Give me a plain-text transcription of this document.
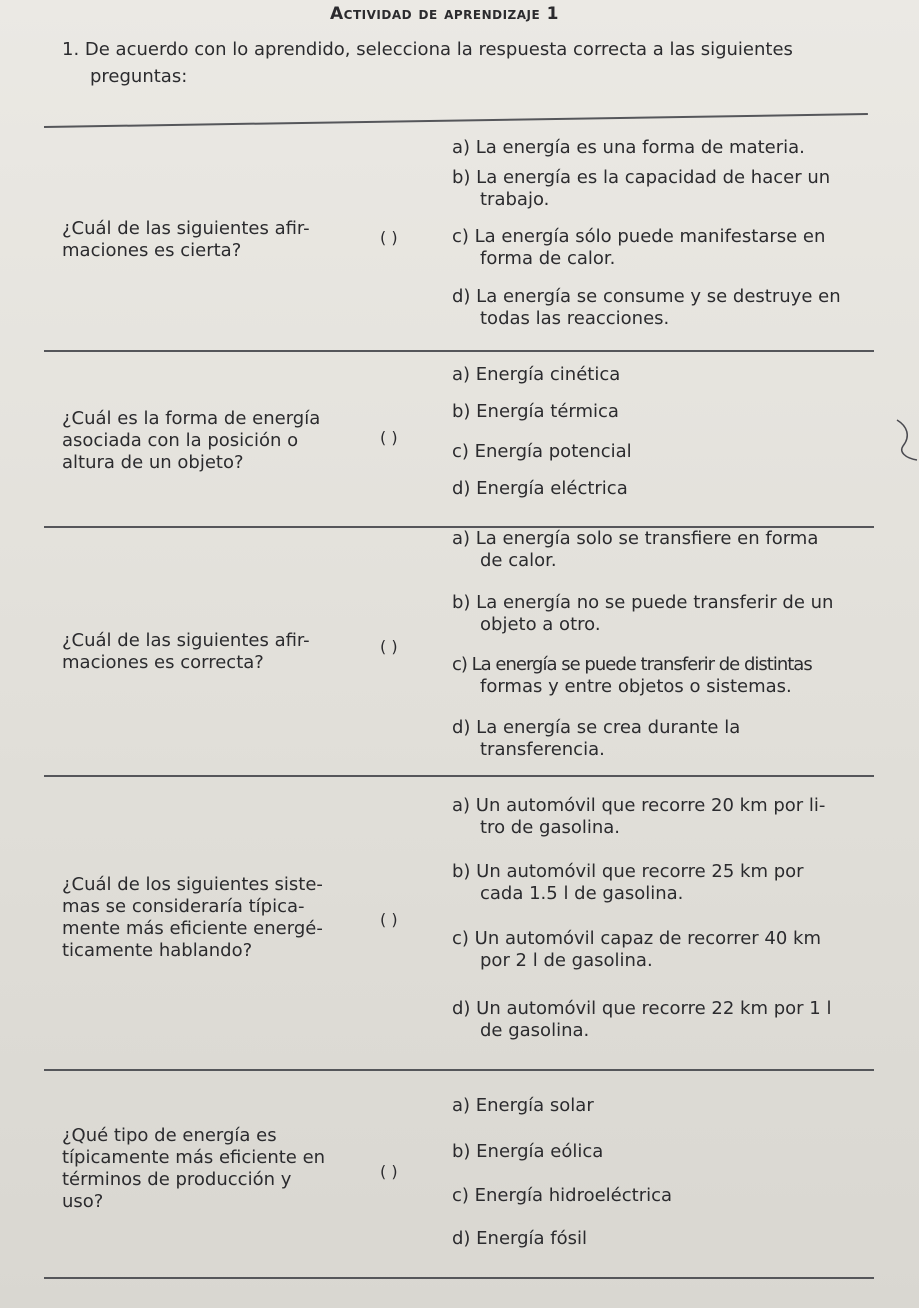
Actividad de aprendizaje 1
1. De acuerdo con lo aprendido, selecciona la respuesta correcta a las siguientes
preguntas:
¿Cuál de las siguientes afir- maciones es cierta?
( )
a) La energía es una forma de materia.
b) La energía es la capacidad de hacer un
trabajo.
c) La energía sólo puede manifestarse en
forma de calor.
d) La energía se consume y se destruye en
todas las reacciones.
¿Cuál es la forma de energía asociada con la posición o altura de un objeto?
( )
a) Energía cinética
b) Energía térmica
c) Energía potencial
d) Energía eléctrica
¿Cuál de las siguientes afir- maciones es correcta?
( )
a) La energía solo se transfiere en forma
de calor.
b) La energía no se puede transferir de un
objeto a otro.
c) La energía se puede transferir de distintas
formas y entre objetos o sistemas.
d) La energía se crea durante la
transferencia.
¿Cuál de los siguientes siste- mas se consideraría típica- mente más eficiente energé- ticamente hablando?
( )
a) Un automóvil que recorre 20 km por li-
tro de gasolina.
b) Un automóvil que recorre 25 km por
cada 1.5 l de gasolina.
c) Un automóvil capaz de recorrer 40 km
por 2 l de gasolina.
d) Un automóvil que recorre 22 km por 1 l
de gasolina.
¿Qué tipo de energía es típicamente más eficiente en términos de producción y uso?
( )
a) Energía solar
b) Energía eólica
c) Energía hidroeléctrica
d) Energía fósil
